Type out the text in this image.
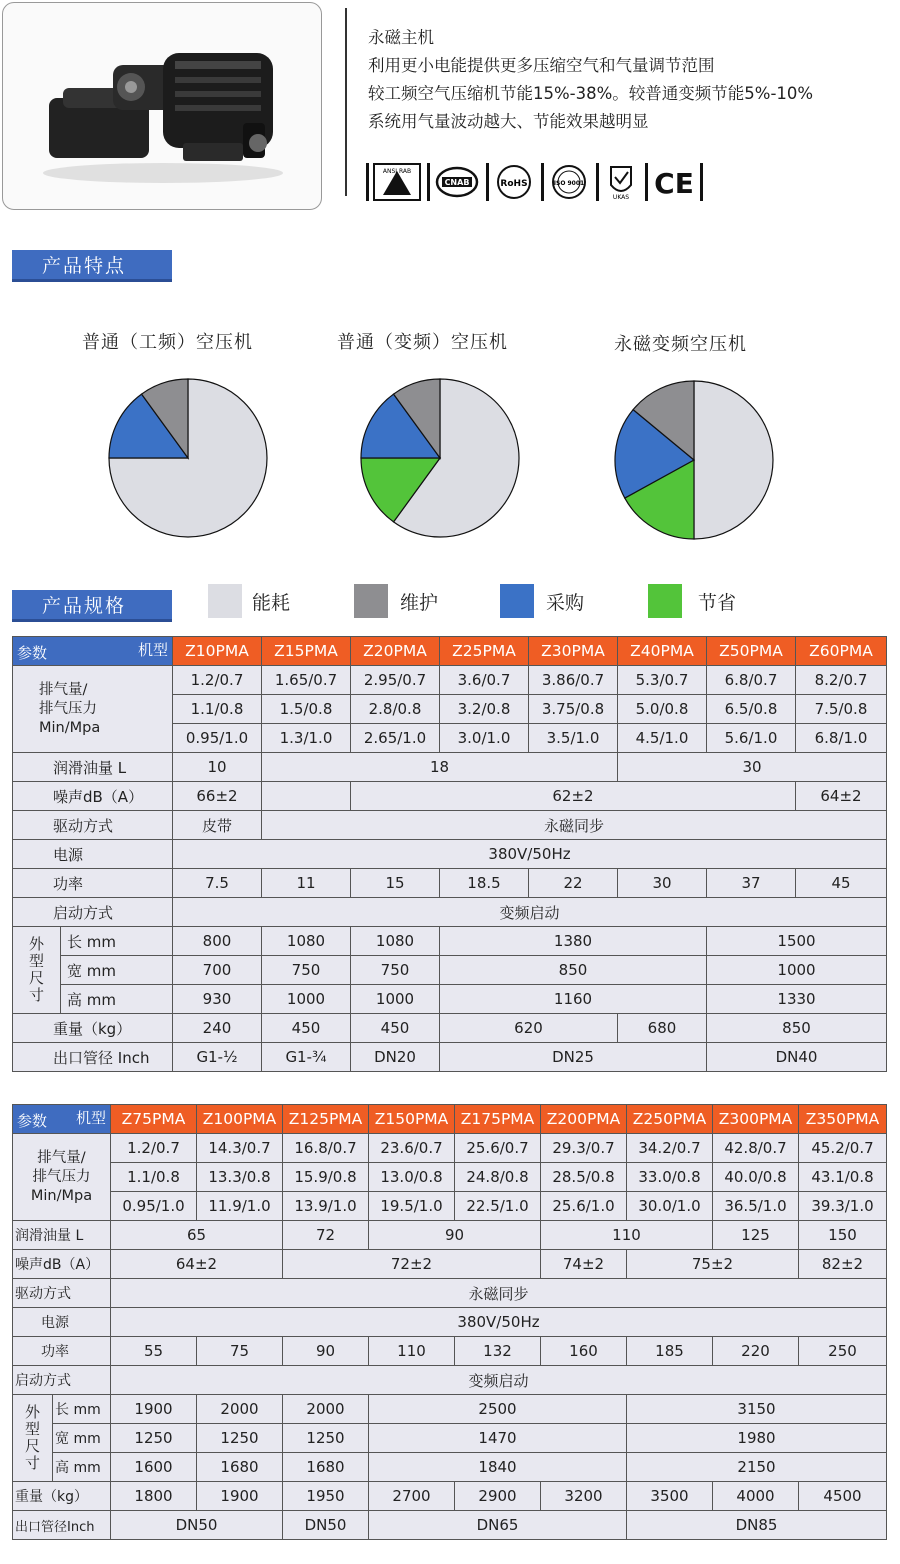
永磁主机
利用更小电能提供更多压缩空气和气量调节范围
较工频空气压缩机节能15%-38%。较普通变频节能5%-10%
系统用气量波动越大、节能效果越明显
ANSI RAB
CNAB	RoHS	ISO 9001
UKAS CE
产品特点
普通（工频）空压机	普通（变频）空压机	永磁变频空压机
产品规格	能耗	维护	采购	节省
机型
参数		Z10PMA	Z15PMA	Z20PMA	Z25PMA	Z30PMA	Z40PMA	Z50PMA	Z60PMA
排气量/
排气压力
Min/Mpa		1.2/0.7	1.65/0.7	2.95/0.7	3.6/0.7	3.86/0.7	5.3/0.7	6.8/0.7	8.2/0.7
		1.1/0.8	1.5/0.8	2.8/0.8	3.2/0.8	3.75/0.8	5.0/0.8	6.5/0.8	7.5/0.8
		0.95/1.0	1.3/1.0	2.65/1.0	3.0/1.0	3.5/1.0	4.5/1.0	5.6/1.0	6.8/1.0
润滑油量 L		10	18				30		
噪声dB（A）		66±2		62±2					64±2
驱动方式		皮带	永磁同步						
电源		380V/50Hz							
功率		7.5	11	15	18.5	22	30	37	45
启动方式		变频启动							
外
型
尺
寸	长 mm	800	1080	1080	1380			1500	
	宽 mm	700	750	750	850			1000	
	高 mm	930	1000	1000	1160			1330	
重量（kg）		240	450	450	620		680	850	
出口管径 Inch		G1-½	G1-¾	DN20	DN25			DN40	
机型
参数		Z75PMA	Z100PMA	Z125PMA	Z150PMA	Z175PMA	Z200PMA	Z250PMA	Z300PMA	Z350PMA
排气量/
排气压力
Min/Mpa		1.2/0.7	14.3/0.7	16.8/0.7	23.6/0.7	25.6/0.7	29.3/0.7	34.2/0.7	42.8/0.7	45.2/0.7
		1.1/0.8	13.3/0.8	15.9/0.8	13.0/0.8	24.8/0.8	28.5/0.8	33.0/0.8	40.0/0.8	43.1/0.8
		0.95/1.0	11.9/1.0	13.9/1.0	19.5/1.0	22.5/1.0	25.6/1.0	30.0/1.0	36.5/1.0	39.3/1.0
润滑油量 L		65		72	90		110		125	150
噪声dB（A）		64±2		72±2			74±2	75±2		82±2
驱动方式		永磁同步								
电源		380V/50Hz								
功率		55	75	90	110	132	160	185	220	250
启动方式		变频启动								
外
型
尺
寸	长 mm	1900	2000	2000	2500			3150		
	宽 mm	1250	1250	1250	1470			1980		
	高 mm	1600	1680	1680	1840			2150		
重量（kg）		1800	1900	1950	2700	2900	3200	3500	4000	4500
出口管径Inch		DN50		DN50	DN65			DN85		
